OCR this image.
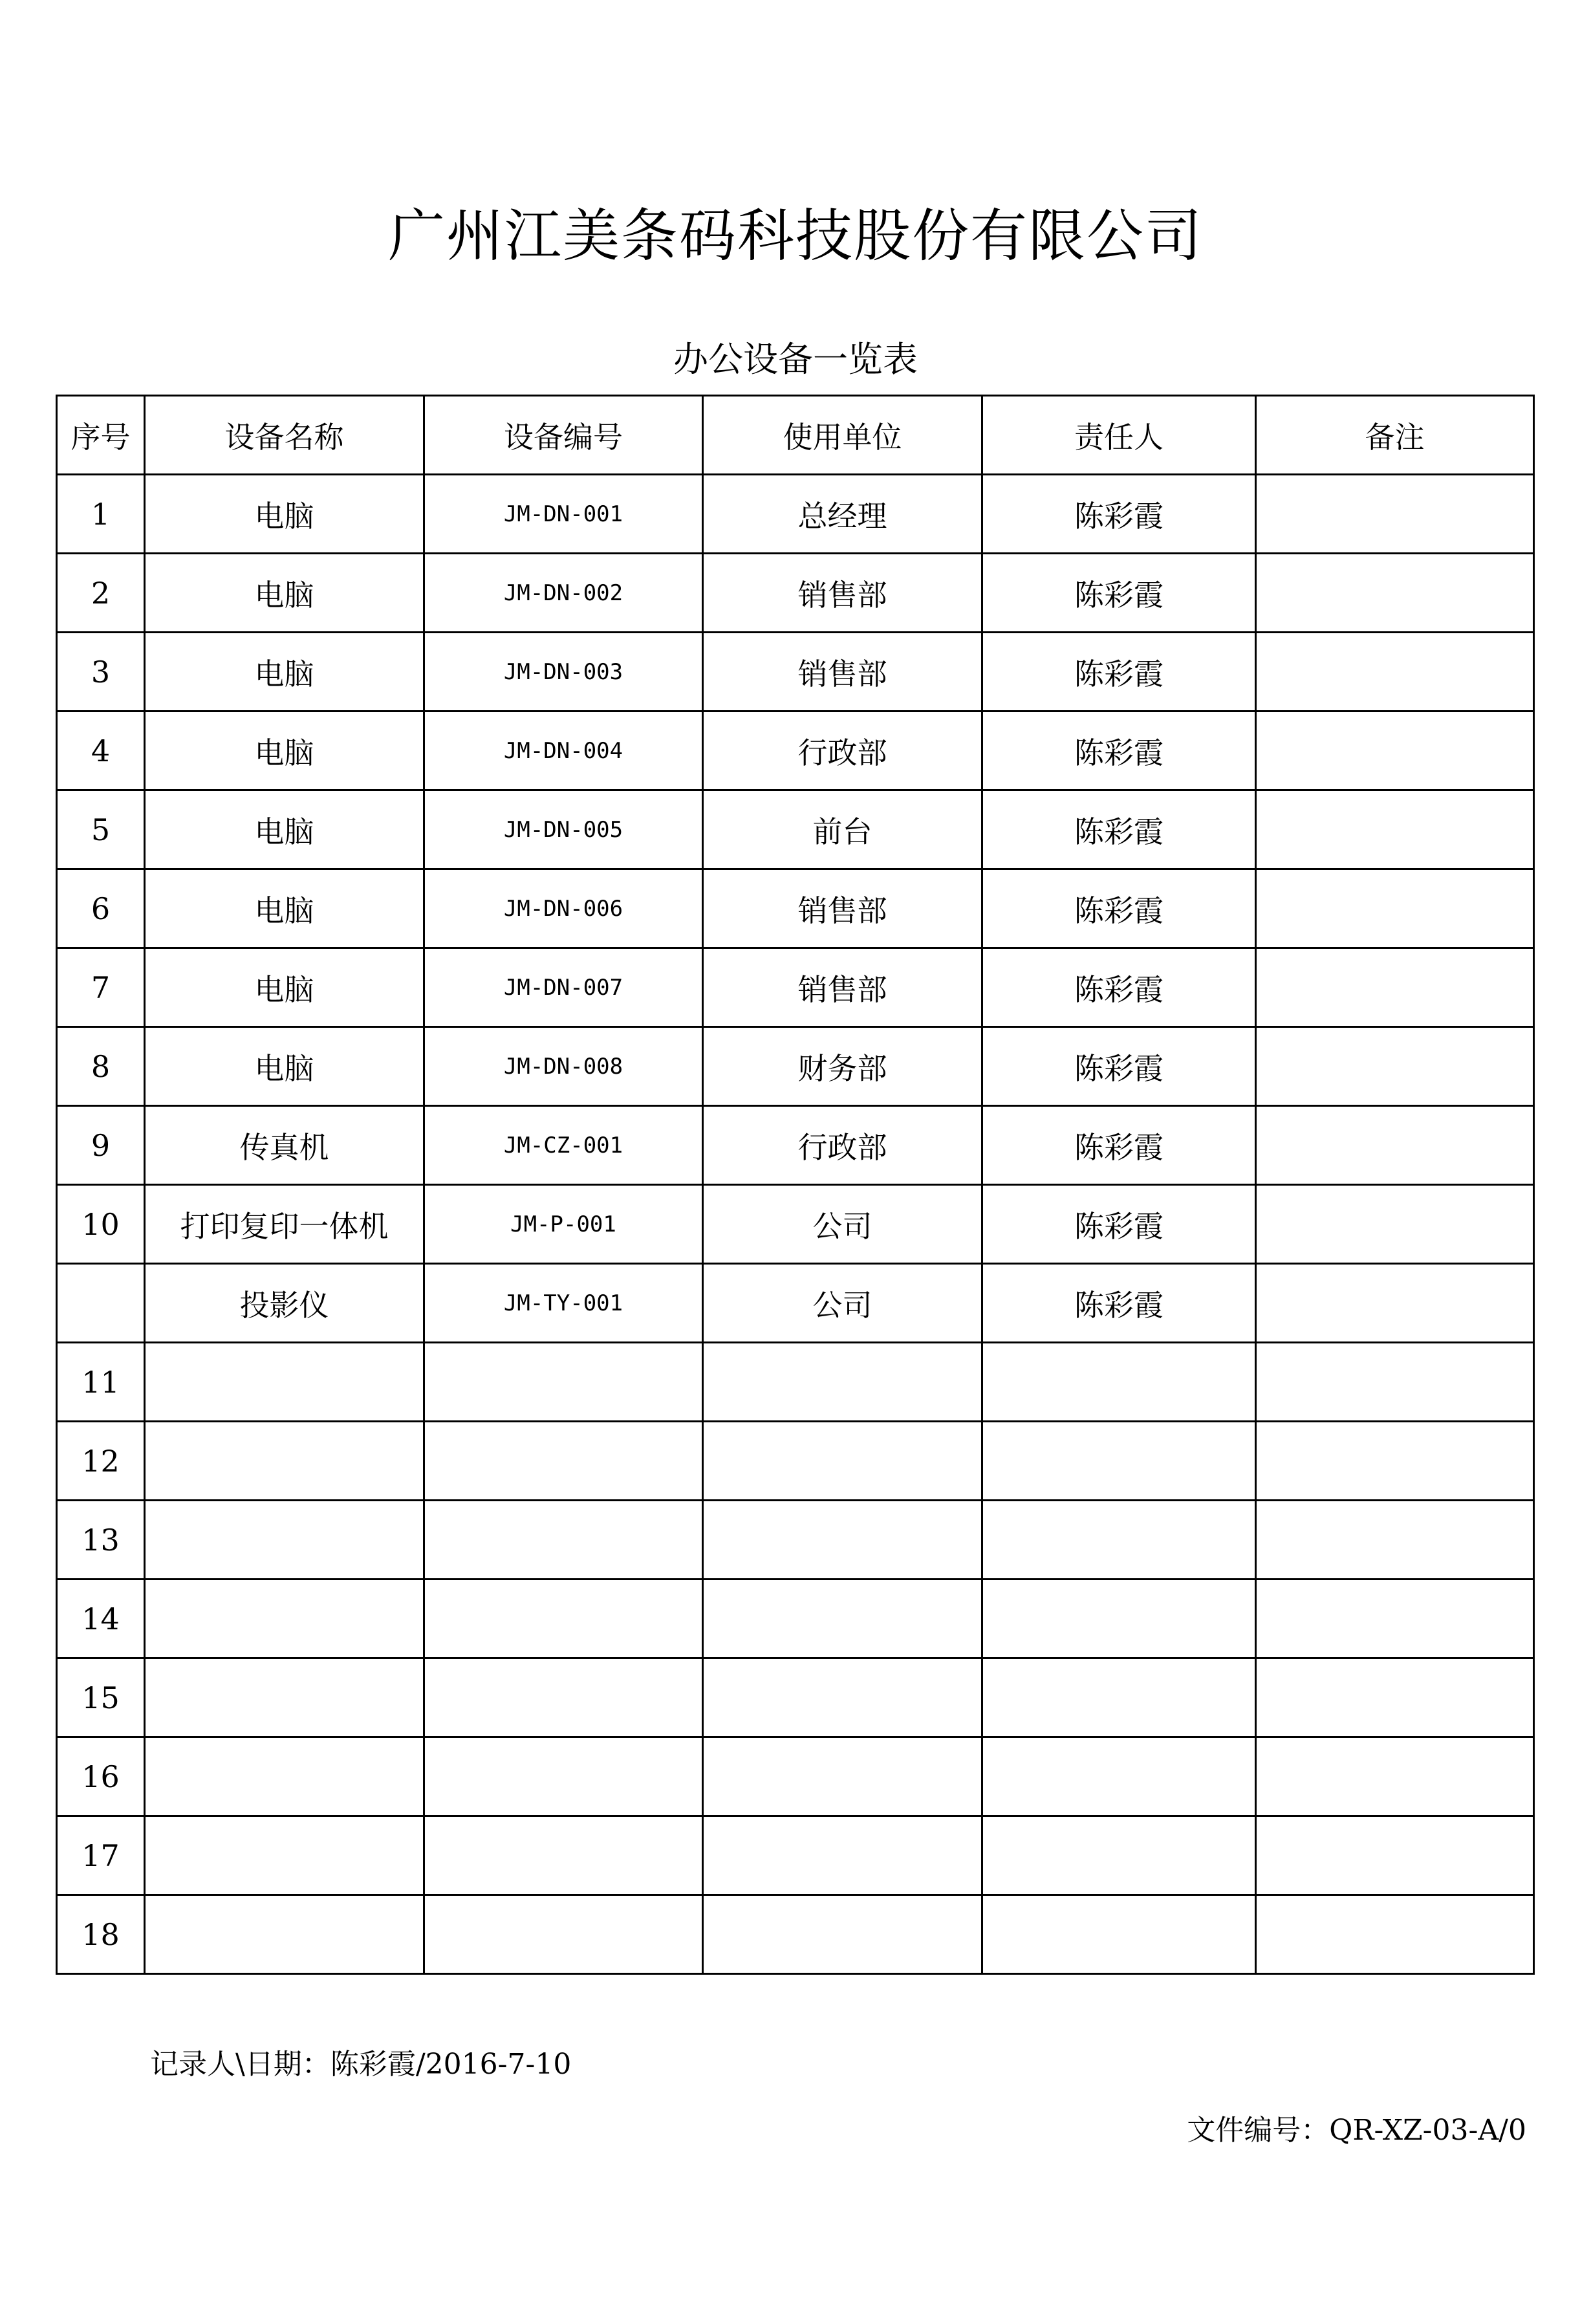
广州江美条码科技股份有限公司
办公设备一览表
序号	设备名称	设备编号	使用单位	责任人	备注
1	电脑	JM-DN-001	总经理	陈彩霞	
2	电脑	JM-DN-002	销售部	陈彩霞	
3	电脑	JM-DN-003	销售部	陈彩霞	
4	电脑	JM-DN-004	行政部	陈彩霞	
5	电脑	JM-DN-005	前台	陈彩霞	
6	电脑	JM-DN-006	销售部	陈彩霞	
7	电脑	JM-DN-007	销售部	陈彩霞	
8	电脑	JM-DN-008	财务部	陈彩霞	
9	传真机	JM-CZ-001	行政部	陈彩霞	
10	打印复印一体机	JM-P-001	公司	陈彩霞	
	投影仪	JM-TY-001	公司	陈彩霞	
11					
12					
13					
14					
15					
16					
17					
18					
记录人\日期：陈彩霞/2016-7-10
文件编号：QR-XZ-03-A/0
